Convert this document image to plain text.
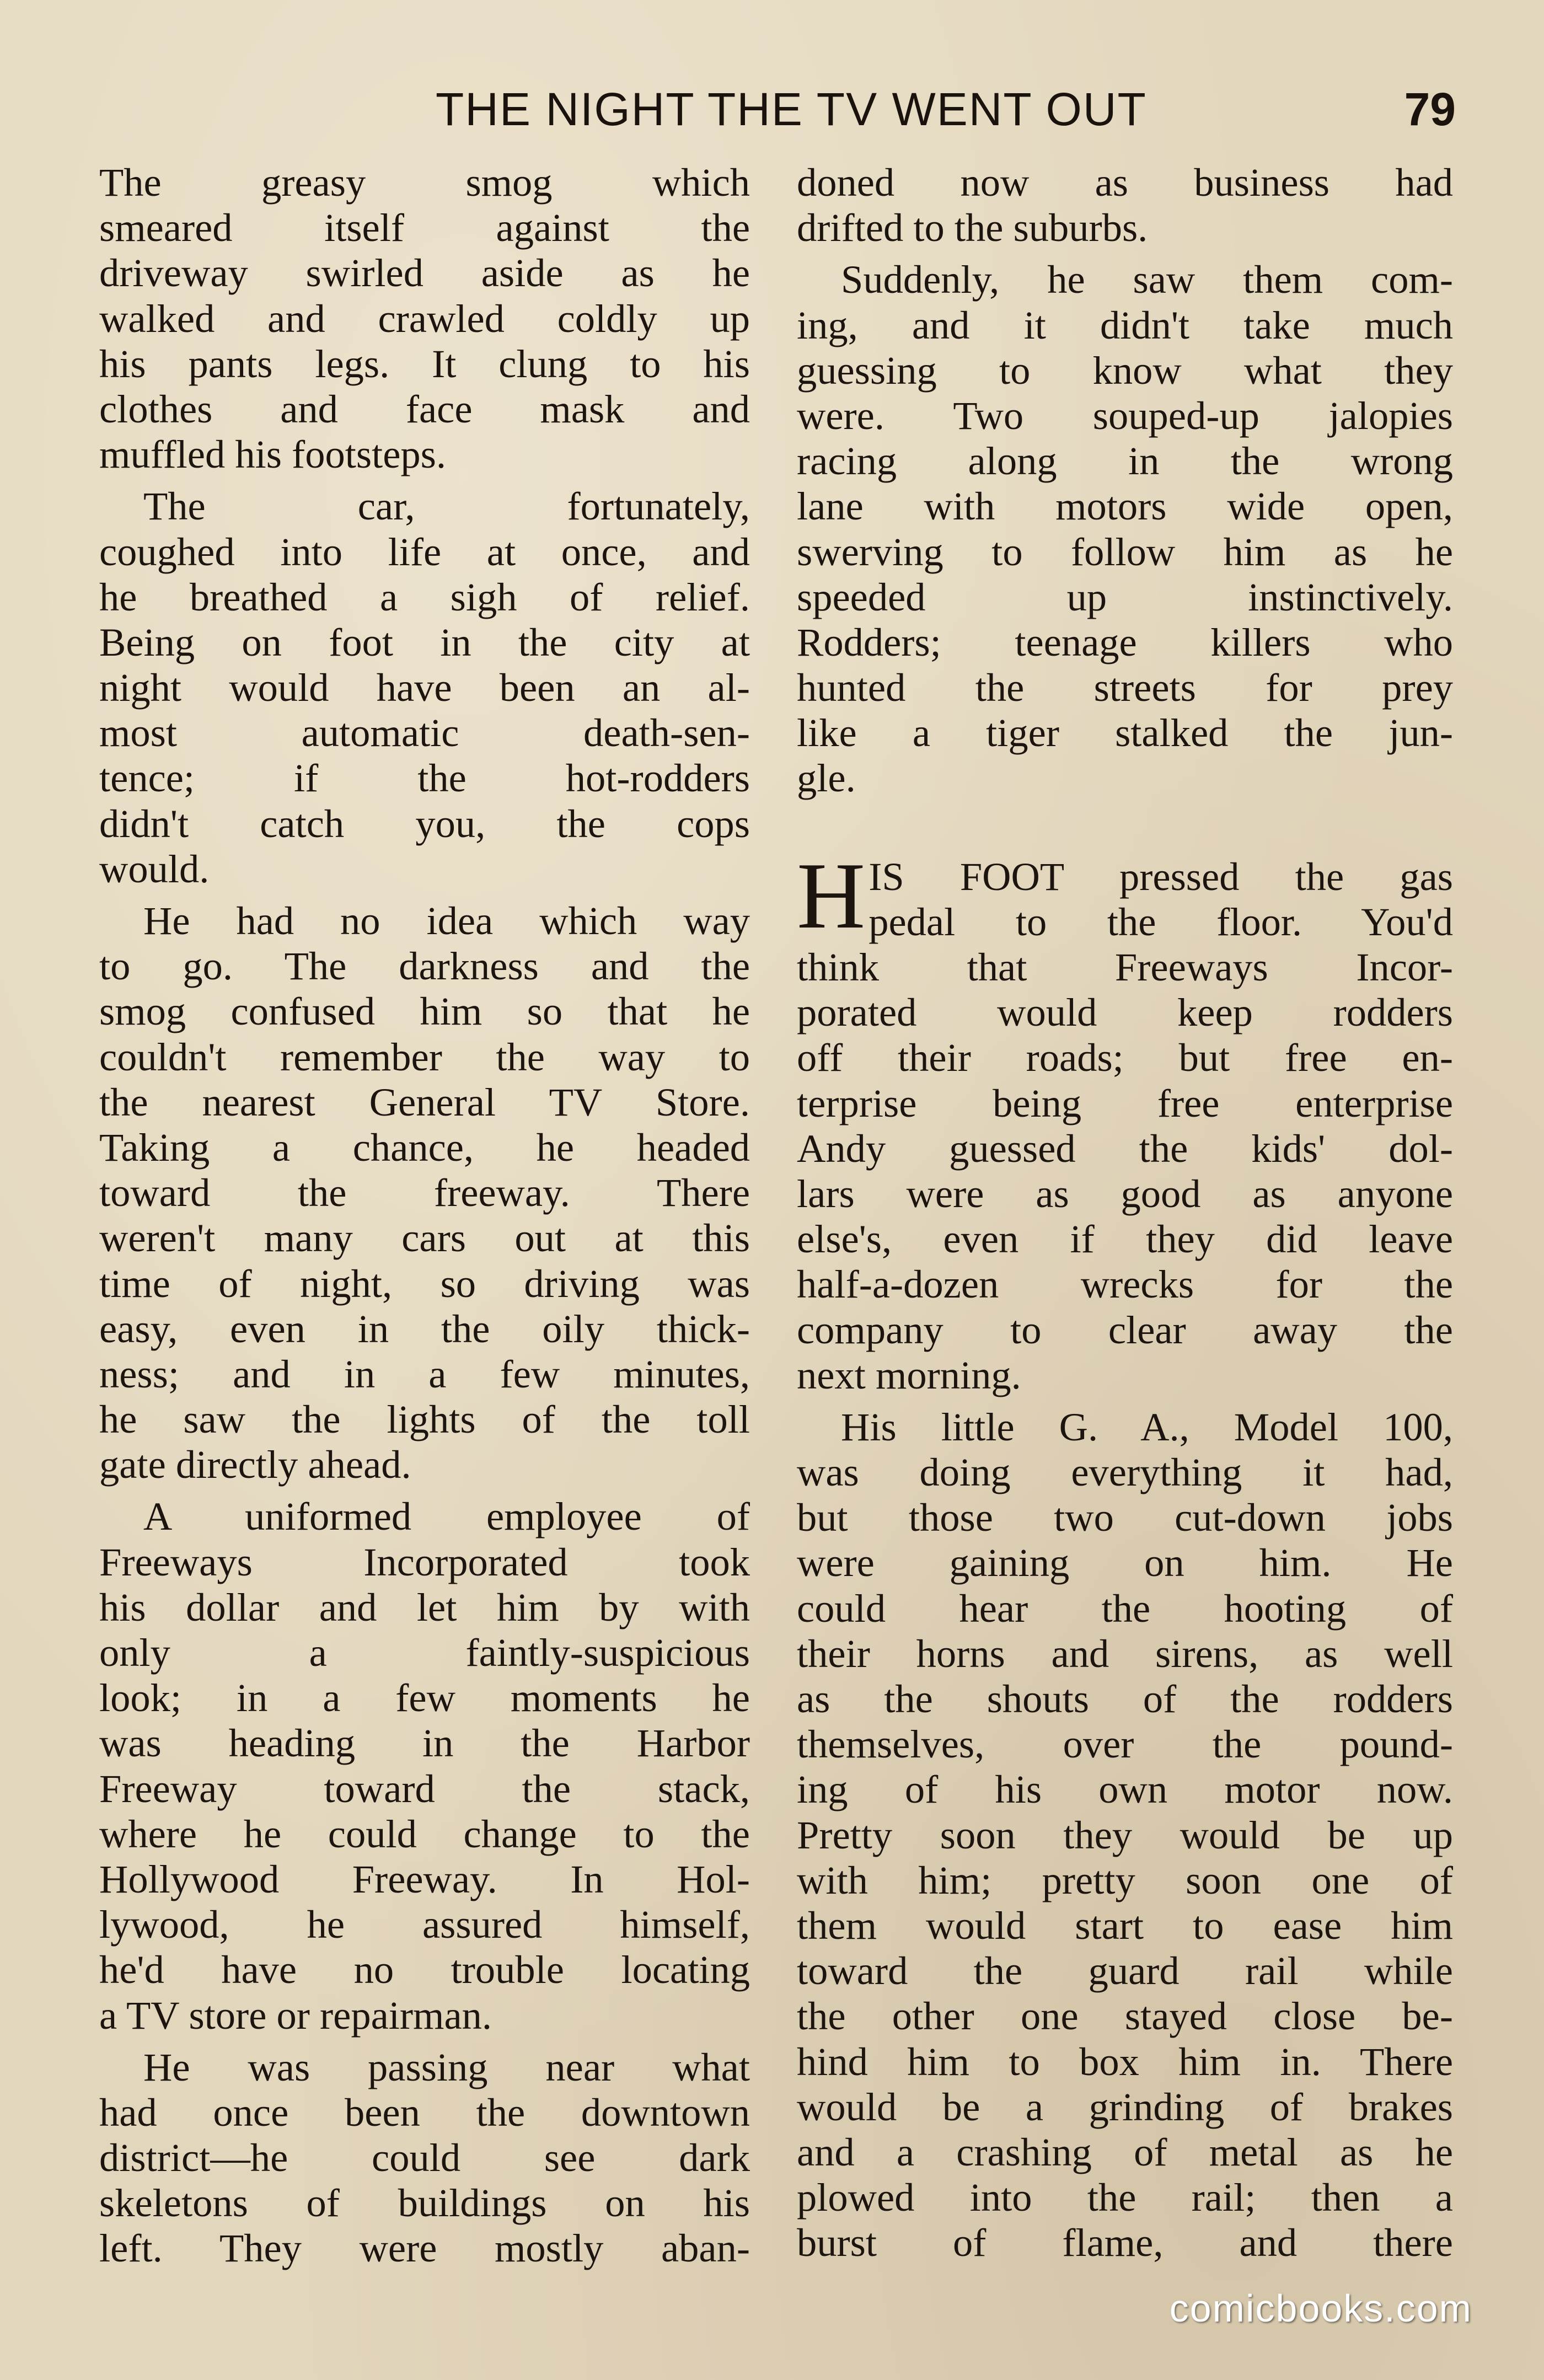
THE NIGHT THE TV WENT OUT	79
The greasy smog which
smeared itself against the
driveway swirled aside as he
walked and crawled coldly up
his pants legs. It clung to his
clothes and face mask and
muffled his footsteps.
The car, fortunately,
coughed into life at once, and
he breathed a sigh of relief.
Being on foot in the city at
night would have been an al-
most automatic death-sen-
tence; if the hot-rodders
didn't catch you, the cops
would.
He had no idea which way
to go. The darkness and the
smog confused him so that he
couldn't remember the way to
the nearest General TV Store.
Taking a chance, he headed
toward the freeway. There
weren't many cars out at this
time of night, so driving was
easy, even in the oily thick-
ness; and in a few minutes,
he saw the lights of the toll
gate directly ahead.
A uniformed employee of
Freeways Incorporated took
his dollar and let him by with
only a faintly-suspicious
look; in a few moments he
was heading in the Harbor
Freeway toward the stack,
where he could change to the
Hollywood Freeway. In Hol-
lywood, he assured himself,
he'd have no trouble locating
a TV store or repairman.
He was passing near what
had once been the downtown
district—he could see dark
skeletons of buildings on his
left. They were mostly aban-
doned now as business had
drifted to the suburbs.
Suddenly, he saw them com-
ing, and it didn't take much
guessing to know what they
were. Two souped-up jalopies
racing along in the wrong
lane with motors wide open,
swerving to follow him as he
speeded up instinctively.
Rodders; teenage killers who
hunted the streets for prey
like a tiger stalked the jun-
gle.
H IS FOOT pressed the gas
pedal to the floor. You'd
think that Freeways Incor-
porated would keep rodders
off their roads; but free en-
terprise being free enterprise
Andy guessed the kids' dol-
lars were as good as anyone
else's, even if they did leave
half-a-dozen wrecks for the
company to clear away the
next morning.
His little G. A., Model 100,
was doing everything it had,
but those two cut-down jobs
were gaining on him. He
could hear the hooting of
their horns and sirens, as well
as the shouts of the rodders
themselves, over the pound-
ing of his own motor now.
Pretty soon they would be up
with him; pretty soon one of
them would start to ease him
toward the guard rail while
the other one stayed close be-
hind him to box him in. There
would be a grinding of brakes
and a crashing of metal as he
plowed into the rail; then a
burst of flame, and there
comicbooks.com
